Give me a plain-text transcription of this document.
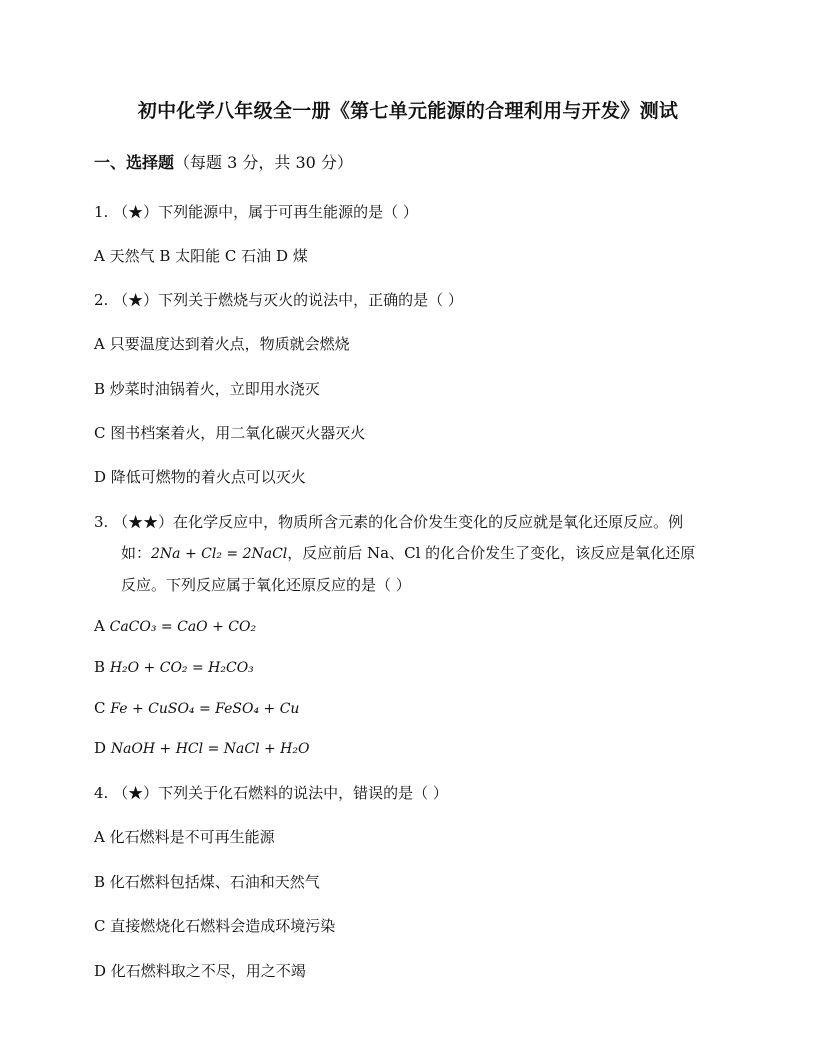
初中化学八年级全一册《第七单元能源的合理利用与开发》测试
一、选择题（每题 3 分，共 30 分）
1. （★）下列能源中，属于可再生能源的是（ ）
A 天然气 B 太阳能 C 石油 D 煤
2. （★）下列关于燃烧与灭火的说法中，正确的是（ ）
A 只要温度达到着火点，物质就会燃烧
B 炒菜时油锅着火，立即用水浇灭
C 图书档案着火，用二氧化碳灭火器灭火
D 降低可燃物的着火点可以灭火
3. （★★）在化学反应中，物质所含元素的化合价发生变化的反应就是氧化还原反应。例
如：2Na + Cl₂ = 2NaCl，反应前后 Na、Cl 的化合价发生了变化，该反应是氧化还原
反应。下列反应属于氧化还原反应的是（ ）
A CaCO₃ = CaO + CO₂
B H₂O + CO₂ = H₂CO₃
C Fe + CuSO₄ = FeSO₄ + Cu
D NaOH + HCl = NaCl + H₂O
4. （★）下列关于化石燃料的说法中，错误的是（ ）
A 化石燃料是不可再生能源
B 化石燃料包括煤、石油和天然气
C 直接燃烧化石燃料会造成环境污染
D 化石燃料取之不尽，用之不竭
